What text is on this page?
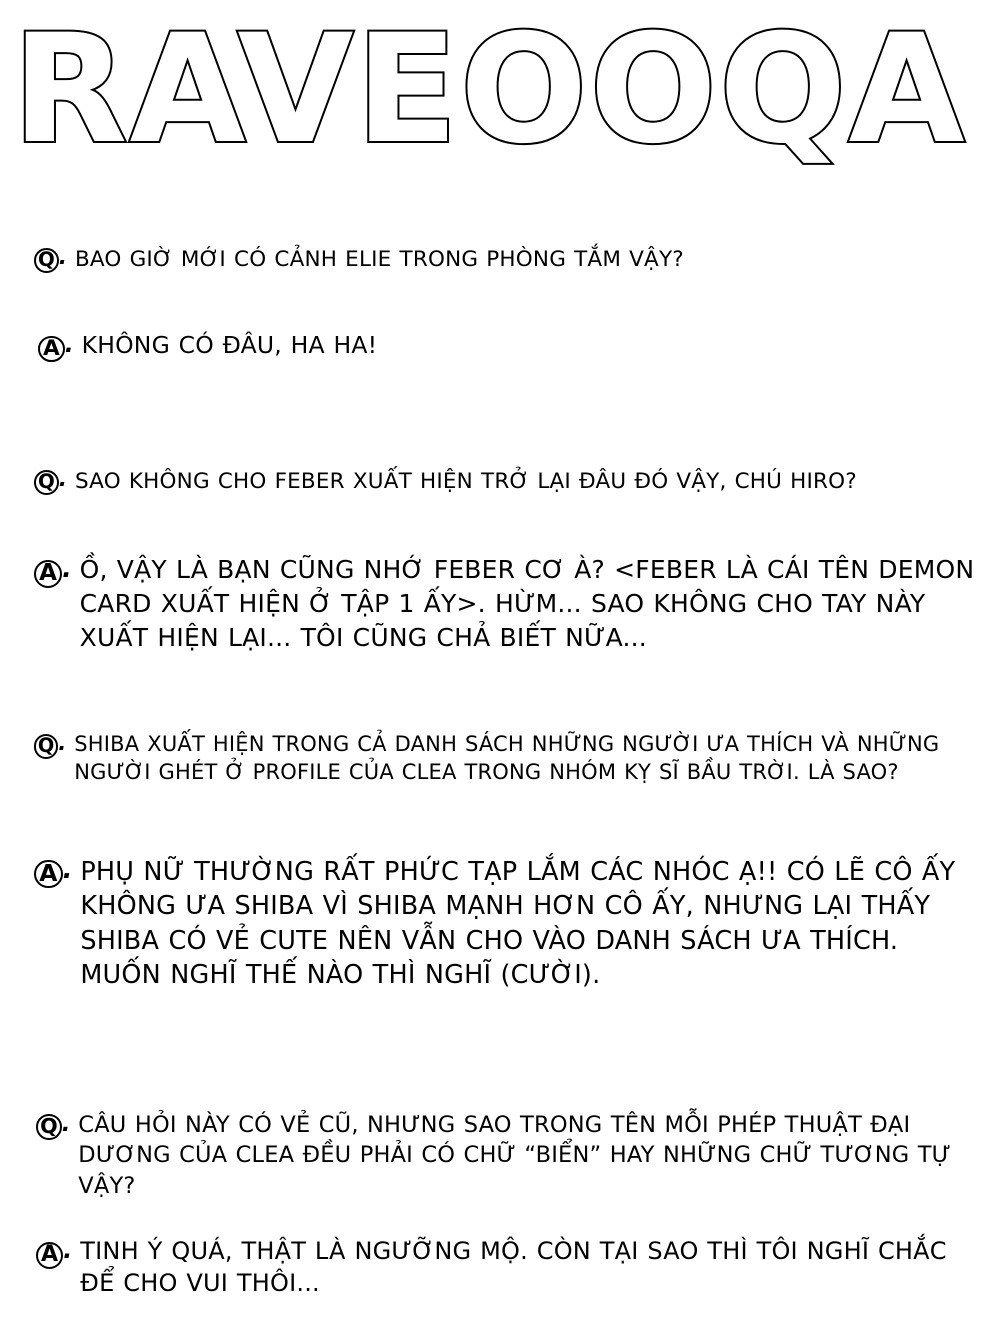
RAVEOOQA
Q . BAO GIỜ MỚI CÓ CẢNH ELIE TRONG PHÒNG TẮM VẬY?
A . KHÔNG CÓ ĐÂU, HA HA!
Q . SAO KHÔNG CHO FEBER XUẤT HIỆN TRỞ LẠI ĐÂU ĐÓ VẬY, CHÚ HIRO?
A . Ồ, VẬY LÀ BẠN CŨNG NHỚ FEBER CƠ À? <FEBER LÀ CÁI TÊN DEMON CARD XUẤT HIỆN Ở TẬP 1 ẤY>. HỪM... SAO KHÔNG CHO TAY NÀY XUẤT HIỆN LẠI... TÔI CŨNG CHẢ BIẾT NỮA...
Q . SHIBA XUẤT HIỆN TRONG CẢ DANH SÁCH NHỮNG NGƯỜI ƯA THÍCH VÀ NHỮNG NGƯỜI GHÉT Ở PROFILE CỦA CLEA TRONG NHÓM KỴ SĨ BẦU TRỜI. LÀ SAO?
A . PHỤ NỮ THƯỜNG RẤT PHỨC TẠP LẮM CÁC NHÓC Ạ!! CÓ LẼ CÔ ẤY KHÔNG ƯA SHIBA VÌ SHIBA MẠNH HƠN CÔ ẤY, NHƯNG LẠI THẤY SHIBA CÓ VẺ CUTE NÊN VẪN CHO VÀO DANH SÁCH ƯA THÍCH. MUỐN NGHĨ THẾ NÀO THÌ NGHĨ (CƯỜI).
Q . CÂU HỎI NÀY CÓ VẺ CŨ, NHƯNG SAO TRONG TÊN MỖI PHÉP THUẬT ĐẠI DƯƠNG CỦA CLEA ĐỀU PHẢI CÓ CHỮ “BIỂN” HAY NHỮNG CHỮ TƯƠNG TỰ VẬY?
A . TINH Ý QUÁ, THẬT LÀ NGƯỠNG MỘ. CÒN TẠI SAO THÌ TÔI NGHĨ CHẮC ĐỂ CHO VUI THÔI...
